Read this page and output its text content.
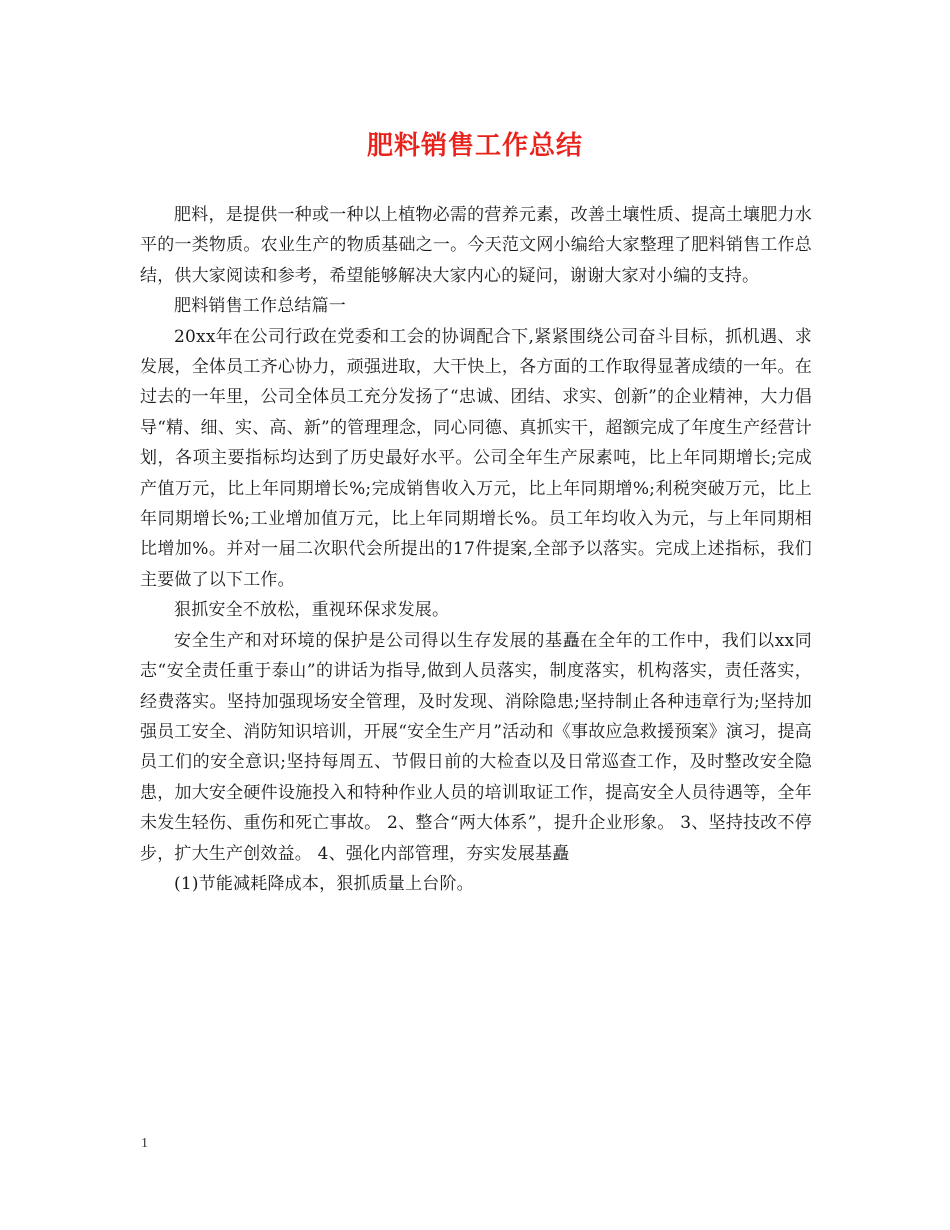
肥料销售工作总结

肥料，是提供一种或一种以上植物必需的营养元素，改善土壤性质、提高土壤肥力水平的一类物质。农业生产的物质基础之一。今天范文网小编给大家整理了肥料销售工作总结，供大家阅读和参考，希望能够解决大家内心的疑问，谢谢大家对小编的支持。

肥料销售工作总结篇一

20xx年在公司行政在党委和工会的协调配合下,紧紧围绕公司奋斗目标，抓机遇、求发展，全体员工齐心协力，顽强进取，大干快上，各方面的工作取得显著成绩的一年。在过去的一年里，公司全体员工充分发扬了“忠诚、团结、求实、创新”的企业精神，大力倡导“精、细、实、高、新”的管理理念，同心同德、真抓实干，超额完成了年度生产经营计划，各项主要指标均达到了历史最好水平。公司全年生产尿素吨，比上年同期增长;完成产值万元，比上年同期增长%;完成销售收入万元，比上年同期增%;利税突破万元，比上年同期增长%;工业增加值万元，比上年同期增长%。员工年均收入为元，与上年同期相比增加%。并对一届二次职代会所提出的17件提案,全部予以落实。完成上述指标，我们主要做了以下工作。

狠抓安全不放松，重视环保求发展。

安全生产和对环境的保护是公司得以生存发展的基矗在全年的工作中，我们以xx同志“安全责任重于泰山”的讲话为指导,做到人员落实，制度落实，机构落实，责任落实，经费落实。坚持加强现场安全管理，及时发现、消除隐患;坚持制止各种违章行为;坚持加强员工安全、消防知识培训，开展“安全生产月”活动和《事故应急救援预案》演习，提高员工们的安全意识;坚持每周五、节假日前的大检查以及日常巡查工作，及时整改安全隐患，加大安全硬件设施投入和特种作业人员的培训取证工作，提高安全人员待遇等，全年未发生轻伤、重伤和死亡事故。 2、整合“两大体系”，提升企业形象。 3、坚持技改不停步，扩大生产创效益。 4、强化内部管理，夯实发展基矗

(1)节能减耗降成本，狠抓质量上台阶。

1
